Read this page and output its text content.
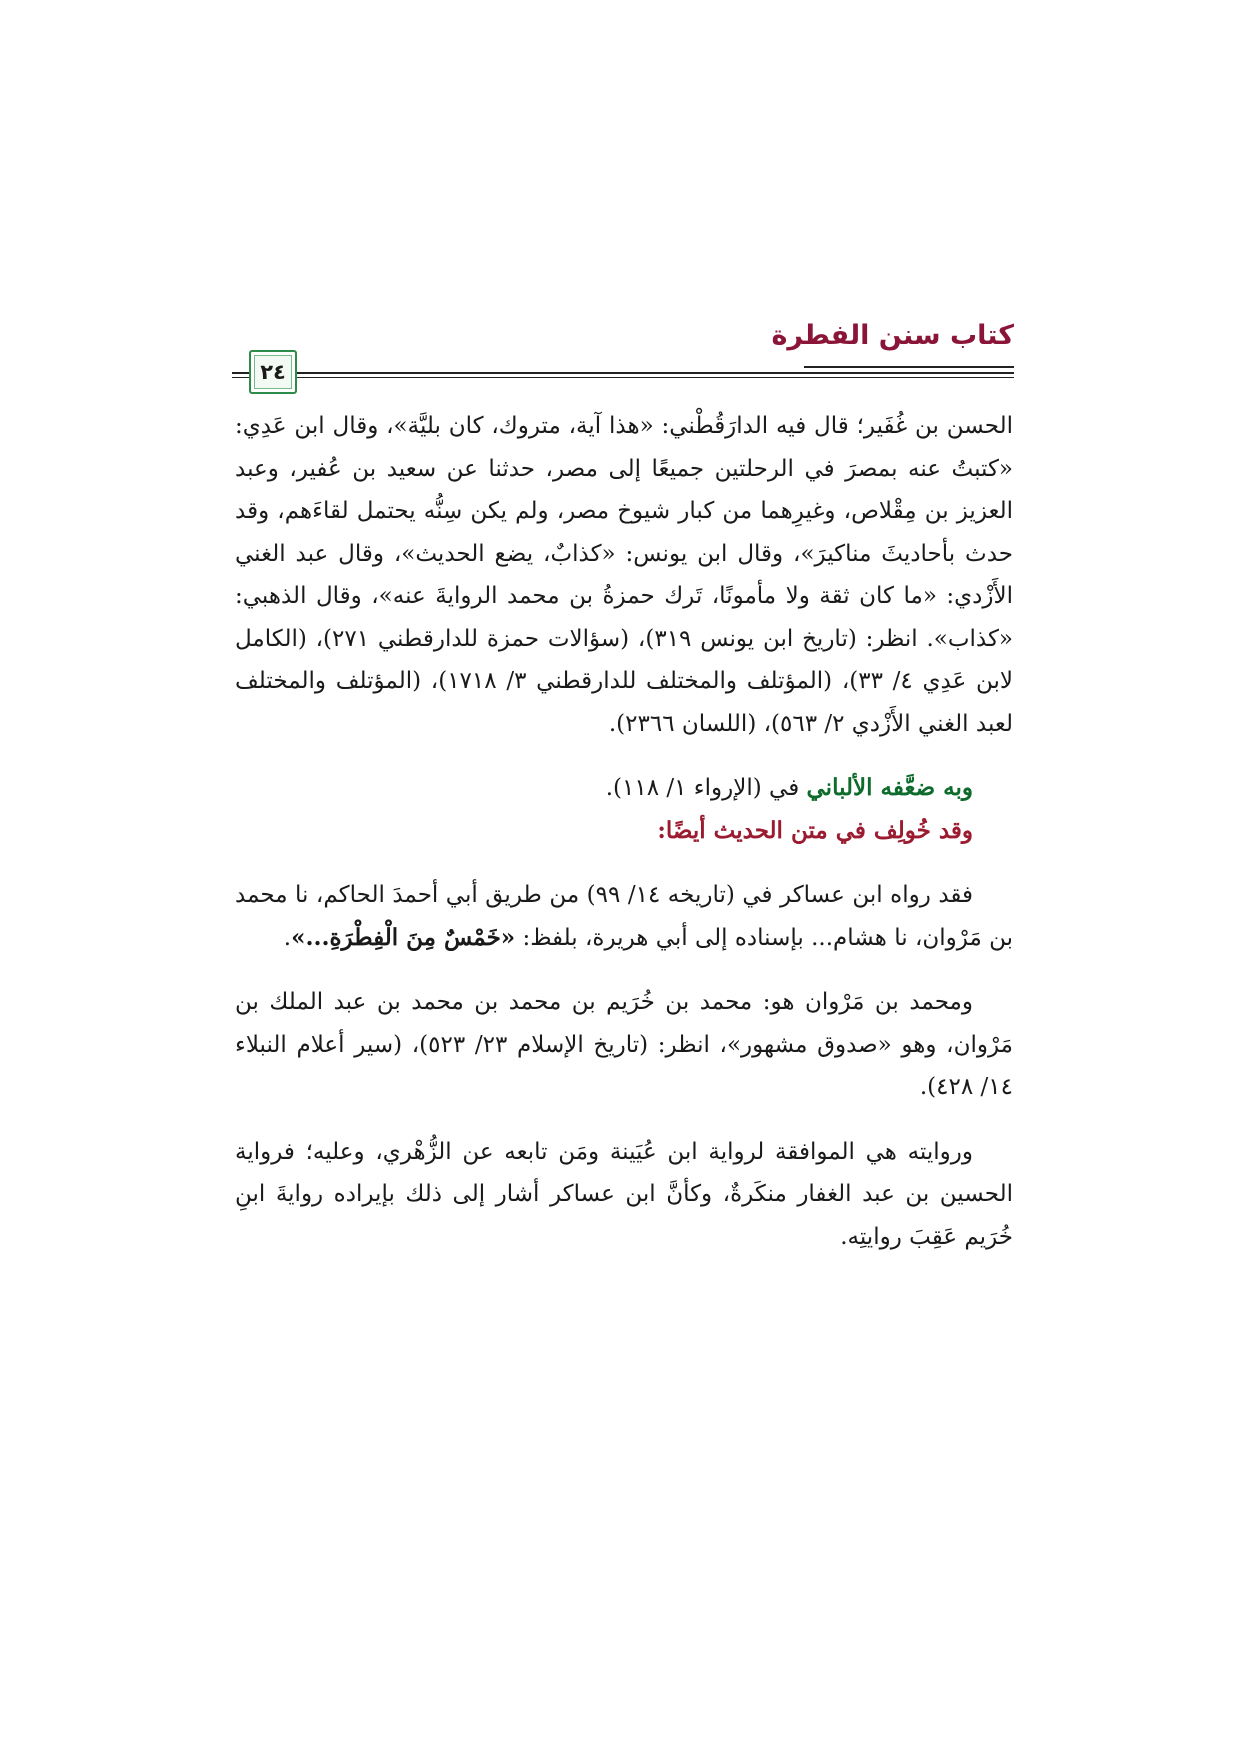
كتاب سنن الفطرة
٢٤

الحسن بن غُفَير؛ قال فيه الدارَقُطْني: «هذا آية، متروك، كان بليَّة»، وقال ابن عَدِي: «كتبتُ عنه بمصرَ في الرحلتين جميعًا إلى مصر، حدثنا عن سعيد بن عُفير، وعبد العزيز بن مِقْلاص، وغيرِهما من كبار شيوخ مصر، ولم يكن سِنُّه يحتمل لقاءَهم، وقد حدث بأحاديثَ مناكيرَ»، وقال ابن يونس: «كذابٌ، يضع الحديث»، وقال عبد الغني الأَزْدي: «ما كان ثقة ولا مأمونًا، تَرك حمزةُ بن محمد الروايةَ عنه»، وقال الذهبي: «كذاب». انظر: (تاريخ ابن يونس ٣١٩)، (سؤالات حمزة للدارقطني ٢٧١)، (الكامل لابن عَدِي ٤/ ٣٣)، (المؤتلف والمختلف للدارقطني ٣/ ١٧١٨)، (المؤتلف والمختلف لعبد الغني الأَزْدي ٢/ ٥٦٣)، (اللسان ٢٣٦٦).

وبه ضعَّفه الألباني في (الإرواء ١/ ١١٨).

وقد خُولِف في متن الحديث أيضًا:

فقد رواه ابن عساكر في (تاريخه ١٤/ ٩٩) من طريق أبي أحمدَ الحاكم، نا محمد بن مَرْوان، نا هشام... بإسناده إلى أبي هريرة، بلفظ: «خَمْسٌ مِنَ الْفِطْرَةِ...».

ومحمد بن مَرْوان هو: محمد بن خُرَيم بن محمد بن محمد بن عبد الملك بن مَرْوان، وهو «صدوق مشهور»، انظر: (تاريخ الإسلام ٢٣/ ٥٢٣)، (سير أعلام النبلاء ١٤/ ٤٢٨).

وروايته هي الموافقة لرواية ابن عُيَينة ومَن تابعه عن الزُّهْري، وعليه؛ فرواية الحسين بن عبد الغفار منكَرةٌ، وكأنَّ ابن عساكر أشار إلى ذلك بإيراده روايةَ ابنِ خُرَيم عَقِبَ روايتِه.
